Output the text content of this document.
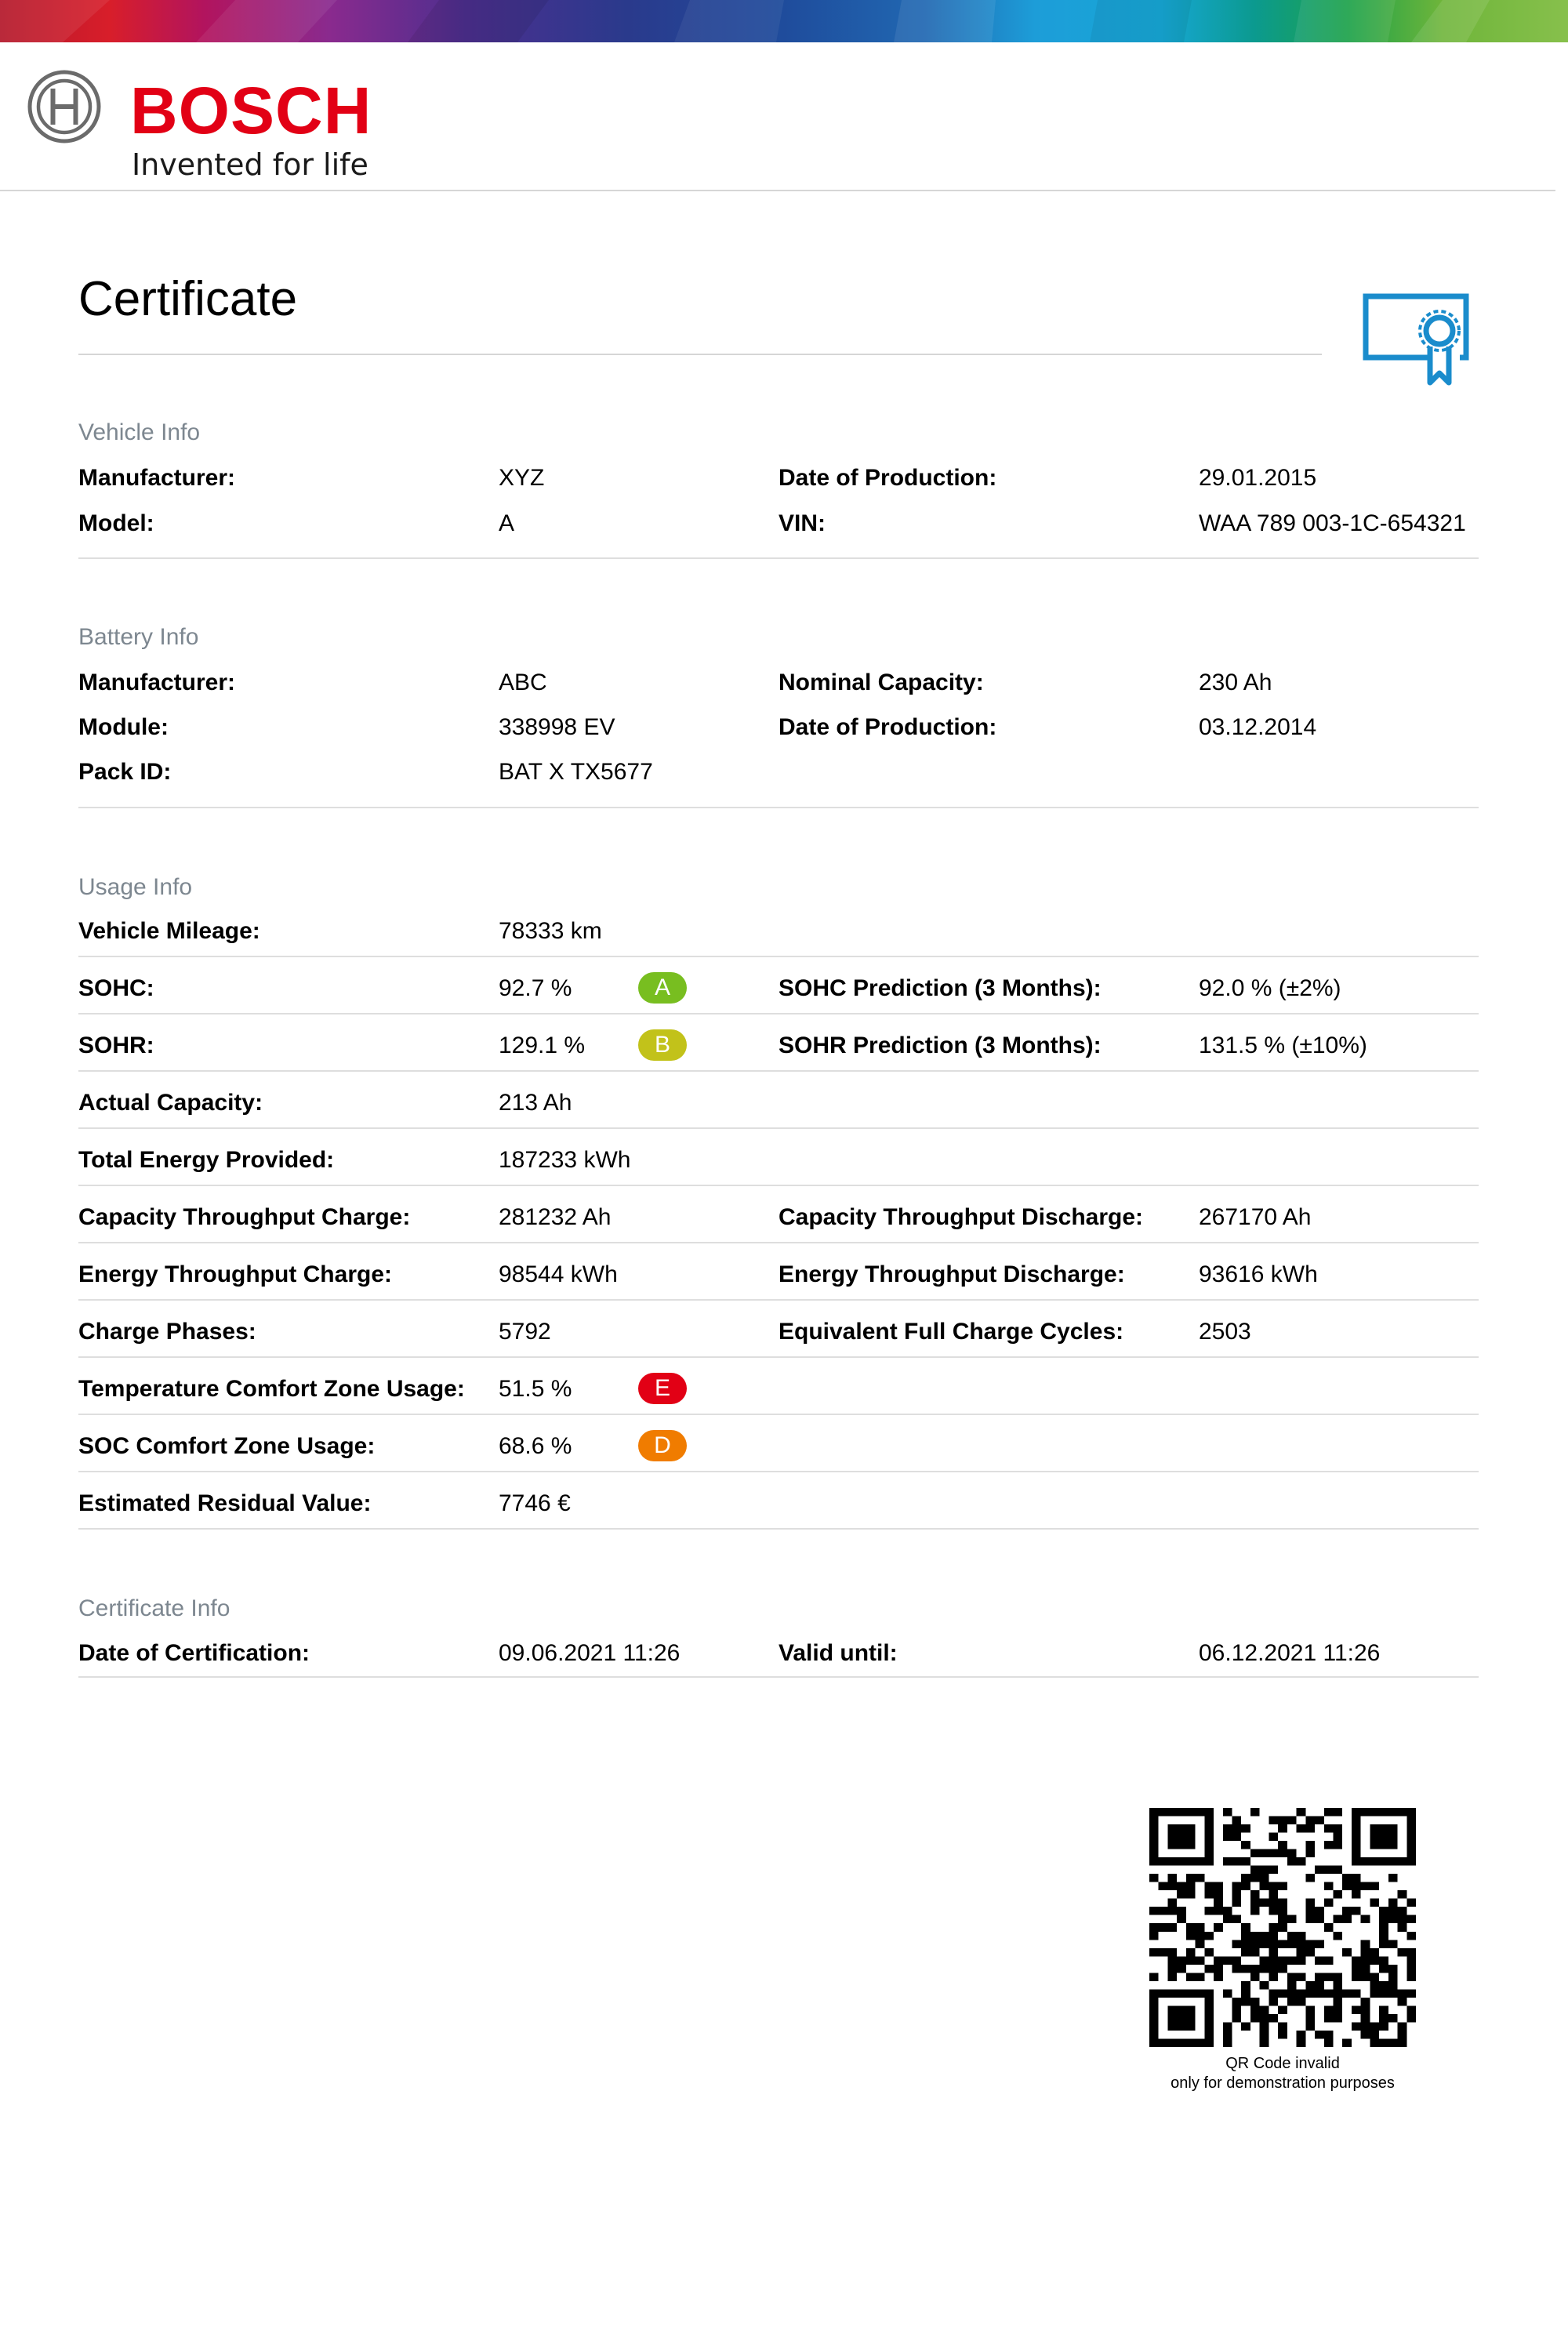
BOSCH
Invented for life
Certificate
Vehicle Info
Manufacturer:	XYZ	Date of Production:	29.01.2015
Model:	A	VIN:	WAA 789 003-1C-654321
Battery Info
Manufacturer:	ABC	Nominal Capacity:	230 Ah
Module:	338998 EV	Date of Production:	03.12.2014
Pack ID:	BAT X TX5677
Usage Info
Vehicle Mileage:	78333 km
SOHC:	92.7 %	A	SOHC Prediction (3 Months):	92.0 % (±2%)
SOHR:	129.1 %	B	SOHR Prediction (3 Months):	131.5 % (±10%)
Actual Capacity:	213 Ah
Total Energy Provided:	187233 kWh
Capacity Throughput Charge:	281232 Ah	Capacity Throughput Discharge: 267170 Ah
Energy Throughput Charge:	98544 kWh	Energy Throughput Discharge:	93616 kWh
Charge Phases:	5792	Equivalent Full Charge Cycles:	2503
Temperature Comfort Zone Usage: 51.5 %	E
SOC Comfort Zone Usage:	68.6 %	D
Estimated Residual Value:	7746 €
Certificate Info
Date of Certification:	09.06.2021 11:26	Valid until:	06.12.2021 11:26
QR Code invalid
only for demonstration purposes
